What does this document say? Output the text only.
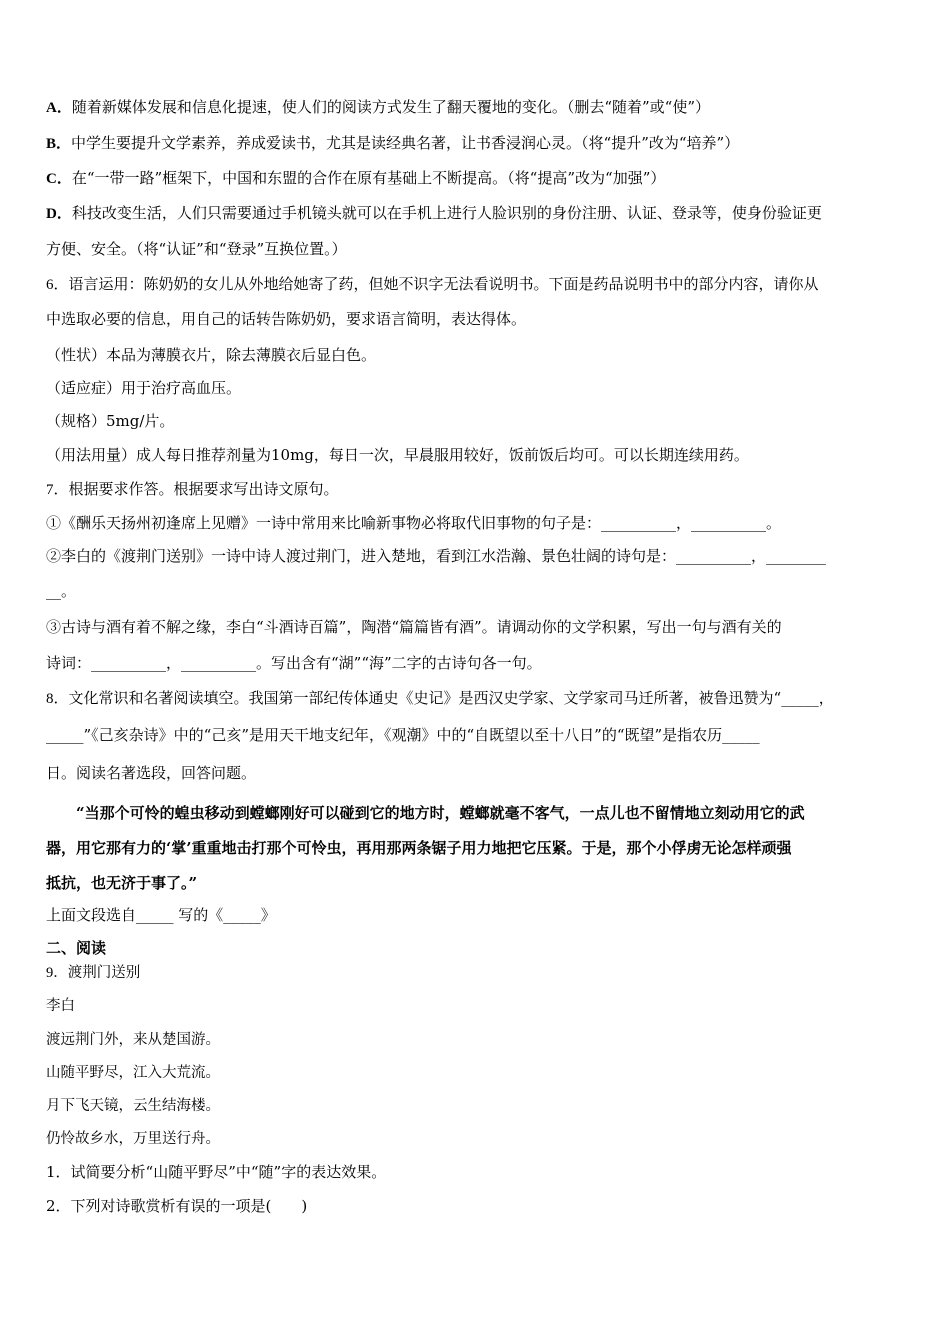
A．随着新媒体发展和信息化提速，使人们的阅读方式发生了翻天覆地的变化。（删去“随着”或“使”）

B．中学生要提升文学素养，养成爱读书，尤其是读经典名著，让书香浸润心灵。（将“提升”改为“培养”）

C．在“一带一路”框架下，中国和东盟的合作在原有基础上不断提高。（将“提高”改为“加强”）

D．科技改变生活，人们只需要通过手机镜头就可以在手机上进行人脸识别的身份注册、认证、登录等，使身份验证更

方便、安全。（将“认证”和“登录”互换位置。）

6．语言运用：陈奶奶的女儿从外地给她寄了药，但她不识字无法看说明书。下面是药品说明书中的部分内容，请你从

中选取必要的信息，用自己的话转告陈奶奶，要求语言简明，表达得体。

（性状）本品为薄膜衣片，除去薄膜衣后显白色。

（适应症）用于治疗高血压。

（规格）5mg/片。

（用法用量）成人每日推荐剂量为10mg，每日一次，早晨服用较好，饭前饭后均可。可以长期连续用药。

7．根据要求作答。根据要求写出诗文原句。

①《酬乐天扬州初逢席上见赠》一诗中常用来比喻新事物必将取代旧事物的句子是：__________，__________。

②李白的《渡荆门送别》一诗中诗人渡过荆门，进入楚地，看到江水浩瀚、景色壮阔的诗句是：__________，________

__。

③古诗与酒有着不解之缘，李白“斗酒诗百篇”，陶潜“篇篇皆有酒”。请调动你的文学积累，写出一句与酒有关的

诗词：__________，__________。写出含有“湖”“海”二字的古诗句各一句。

8．文化常识和名著阅读填空。我国第一部纪传体通史《史记》是西汉史学家、文学家司马迁所著，被鲁迅赞为“_____，

_____”《己亥杂诗》中的“己亥”是用天干地支纪年，《观潮》中的“自既望以至十八日”的“既望”是指农历_____

日。阅读名著选段，回答问题。

“当那个可怜的蝗虫移动到螳螂刚好可以碰到它的地方时，螳螂就毫不客气，一点儿也不留情地立刻动用它的武

器，用它那有力的‘掌’重重地击打那个可怜虫，再用那两条锯子用力地把它压紧。于是，那个小俘虏无论怎样顽强

抵抗，也无济于事了。”

上面文段选自_____ 写的《_____》

二、阅读

9．渡荆门送别

李白

渡远荆门外，来从楚国游。

山随平野尽，江入大荒流。

月下飞天镜，云生结海楼。

仍怜故乡水，万里送行舟。

1．试简要分析“山随平野尽”中“随”字的表达效果。

2．下列对诗歌赏析有误的一项是(　　)
